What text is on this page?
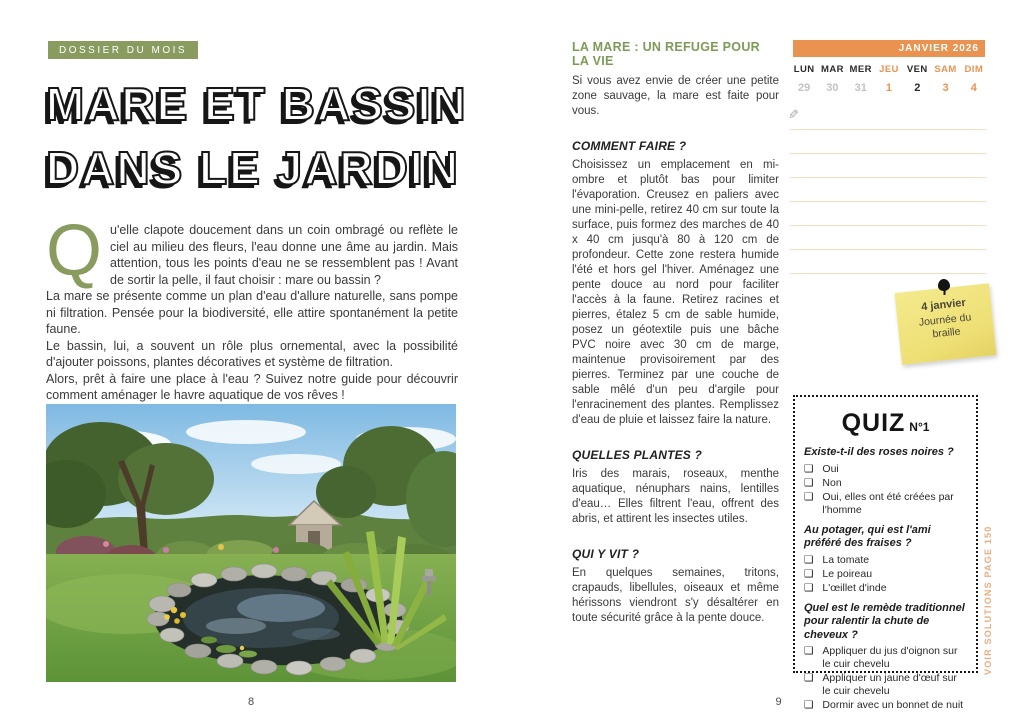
DOSSIER DU MOIS
MARE ET BASSIN
DANS LE JARDIN
Qu'elle clapote doucement dans un coin ombragé ou reflète le ciel au milieu des fleurs, l'eau donne une âme au jardin. Mais attention, tous les points d'eau ne se ressemblent pas ! Avant de sortir la pelle, il faut choisir : mare ou bassin ?
La mare se présente comme un plan d'eau d'allure naturelle, sans pompe ni filtration. Pensée pour la biodiversité, elle attire spontanément la petite faune.
Le bassin, lui, a souvent un rôle plus ornemental, avec la possibilité d'ajouter poissons, plantes décoratives et système de filtration.
Alors, prêt à faire une place à l'eau ? Suivez notre guide pour découvrir comment aménager le havre aquatique de vos rêves !
8
LA MARE : UN REFUGE POUR LA VIE
Si vous avez envie de créer une petite zone sauvage, la mare est faite pour vous.
COMMENT FAIRE ?
Choisissez un emplacement en mi-ombre et plutôt bas pour limiter l'évaporation. Creusez en paliers avec une mini-pelle, retirez 40 cm sur toute la surface, puis formez des marches de 40 x 40 cm jusqu'à 80 à 120 cm de profondeur. Cette zone restera humide l'été et hors gel l'hiver. Aménagez une pente douce au nord pour faciliter l'accès à la faune. Retirez racines et pierres, étalez 5 cm de sable humide, posez un géotextile puis une bâche PVC noire avec 30 cm de marge, maintenue provisoirement par des pierres. Terminez par une couche de sable mêlé d'un peu d'argile pour l'enracinement des plantes. Remplissez d'eau de pluie et laissez faire la nature.
QUELLES PLANTES ?
Iris des marais, roseaux, menthe aquatique, nénuphars nains, lentilles d'eau… Elles filtrent l'eau, offrent des abris, et attirent les insectes utiles.
QUI Y VIT ?
En quelques semaines, tritons, crapauds, libellules, oiseaux et même hérissons viendront s'y désaltérer en toute sécurité grâce à la pente douce.
JANVIER 2026
LUN MAR MER JEU VEN SAM DIM
29	30	31	1	2	3	4
✎
4 janvier
Journée du braille
QUIZ N°1
Existe-t-il des roses noires ?
❑ Oui
❑ Non
❑ Oui, elles ont été créées par l'homme
Au potager, qui est l'ami préféré des fraises ?
❑ La tomate
❑ Le poireau
❑ L'œillet d'inde
Quel est le remède traditionnel pour ralentir la chute de cheveux ?
❑ Appliquer du jus d'oignon sur le cuir chevelu
❑ Appliquer un jaune d'œuf sur le cuir chevelu
❑ Dormir avec un bonnet de nuit
VOIR SOLUTIONS PAGE 150
9
